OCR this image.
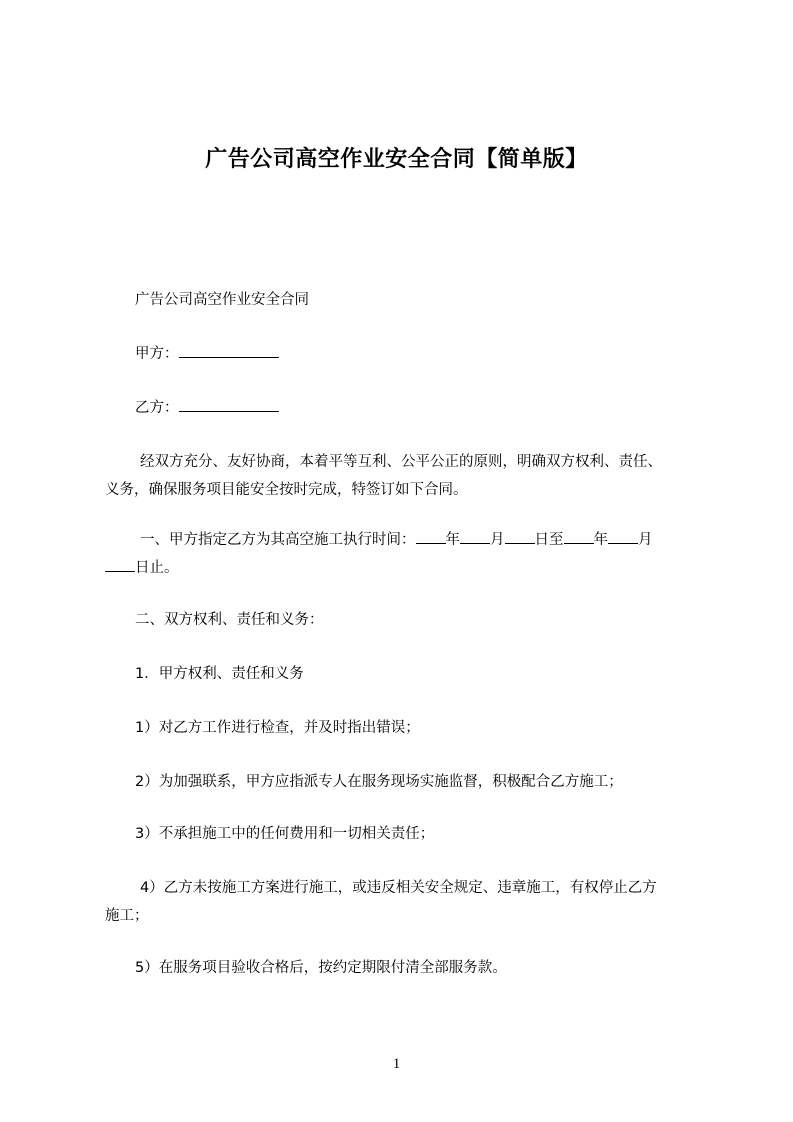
广告公司高空作业安全合同【简单版】
广告公司高空作业安全合同
甲方：
乙方：
经双方充分、友好协商，本着平等互利、公平公正的原则，明确双方权利、责任、
义务，确保服务项目能安全按时完成，特签订如下合同。
一、甲方指定乙方为其高空施工执行时间： 年 月 日至 年 月
日止。
二、双方权利、责任和义务：
1．甲方权利、责任和义务
1）对乙方工作进行检查，并及时指出错误；
2）为加强联系，甲方应指派专人在服务现场实施监督，积极配合乙方施工；
3）不承担施工中的任何费用和一切相关责任；
4）乙方未按施工方案进行施工，或违反相关安全规定、违章施工，有权停止乙方
施工；
5）在服务项目验收合格后，按约定期限付清全部服务款。
1
